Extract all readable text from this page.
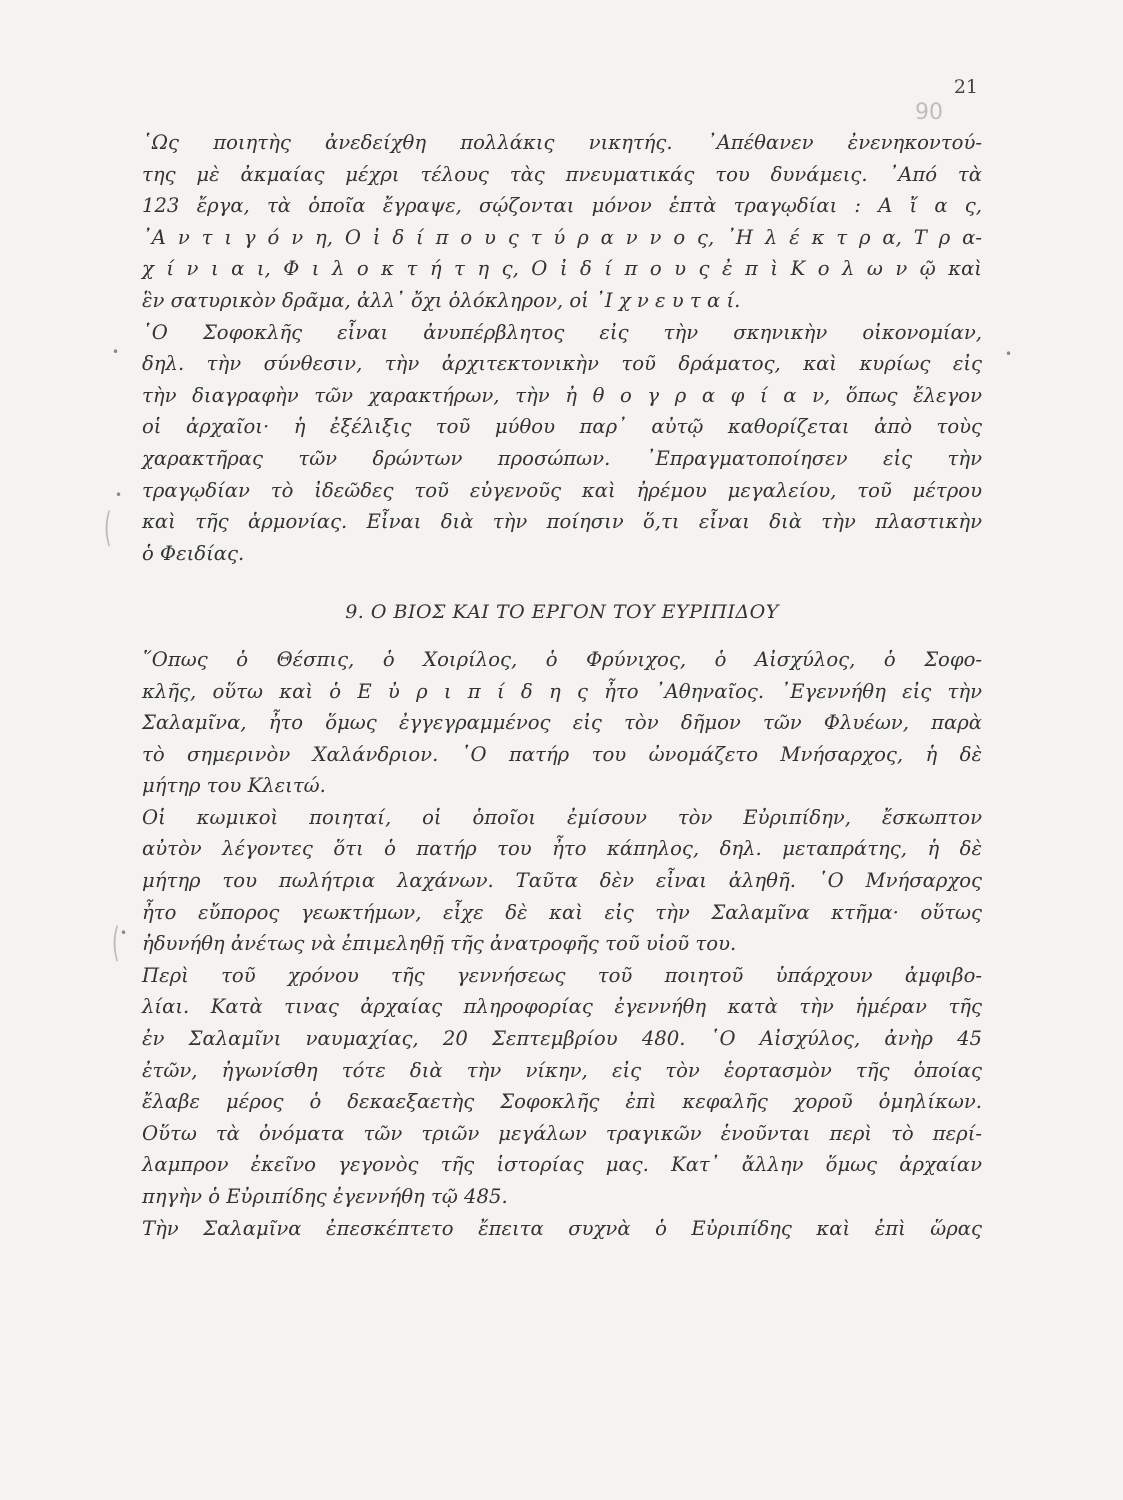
21
90
(
(
•	•
•
•
῾Ως ποιητὴς ἀνεδείχθη πολλάκις νικητής. ᾿Απέθανεν ἐνενηκοντού-
της μὲ ἀκμαίας μέχρι τέλους τὰς πνευματικάς του δυνάμεις. ᾿Από τὰ
123 ἔργα, τὰ ὁποῖα ἔγραψε, σῴζονται μόνον ἑπτὰ τραγῳδίαι : Α ἴ α ς,
᾿Α ν τ ι γ ό ν η, Ο ἰ δ ί π ο υ ς τ ύ ρ α ν ν ο ς, ᾿Η λ έ κ τ ρ α, Τ ρ α-
χ ί ν ι α ι, Φ ι λ ο κ τ ή τ η ς, Ο ἰ δ ί π ο υ ς ἐ π ὶ Κ ο λ ω ν ῷ καὶ
ἓν σατυρικὸν δρᾶμα, ἀλλ᾿ ὄχι ὁλόκληρον, οἱ ᾿Ι χ ν ε υ τ α ί.
῾Ο Σοφοκλῆς εἶναι ἀνυπέρβλητος εἰς τὴν σκηνικὴν οἰκονομίαν,
δηλ. τὴν σύνθεσιν, τὴν ἀρχιτεκτονικὴν τοῦ δράματος, καὶ κυρίως εἰς
τὴν διαγραφὴν τῶν χαρακτήρων, τὴν ἠ θ ο γ ρ α φ ί α ν, ὅπως ἔλεγον
οἱ ἀρχαῖοι· ἡ ἐξέλιξις τοῦ μύθου παρ᾿ αὐτῷ καθορίζεται ἀπὸ τοὺς
χαρακτῆρας τῶν δρώντων προσώπων. ᾿Επραγματοποίησεν εἰς τὴν
τραγῳδίαν τὸ ἰδεῶδες τοῦ εὐγενοῦς καὶ ἠρέμου μεγαλείου, τοῦ μέτρου
καὶ τῆς ἁρμονίας. Εἶναι διὰ τὴν ποίησιν ὅ,τι εἶναι διὰ τὴν πλαστικὴν
ὁ Φειδίας.
9. Ο ΒΙΟΣ ΚΑΙ ΤΟ ΕΡΓΟΝ ΤΟΥ ΕΥΡΙΠΙΔΟΥ
῞Οπως ὁ Θέσπις, ὁ Χοιρίλος, ὁ Φρύνιχος, ὁ Αἰσχύλος, ὁ Σοφο-
κλῆς, οὕτω καὶ ὁ Ε ὐ ρ ι π ί δ η ς ἦτο ᾿Αθηναῖος. ᾿Εγεννήθη εἰς τὴν
Σαλαμῖνα, ἦτο ὅμως ἐγγεγραμμένος εἰς τὸν δῆμον τῶν Φλυέων, παρὰ
τὸ σημερινὸν Χαλάνδριον. ῾Ο πατήρ του ὠνομάζετο Μνήσαρχος, ἡ δὲ
μήτηρ του Κλειτώ.
Οἱ κωμικοὶ ποιηταί, οἱ ὁποῖοι ἐμίσουν τὸν Εὐριπίδην, ἔσκωπτον
αὐτὸν λέγοντες ὅτι ὁ πατήρ του ἦτο κάπηλος, δηλ. μεταπράτης, ἡ δὲ
μήτηρ του πωλήτρια λαχάνων. Ταῦτα δὲν εἶναι ἀληθῆ. ῾Ο Μνήσαρχος
ἦτο εὔπορος γεωκτήμων, εἶχε δὲ καὶ εἰς τὴν Σαλαμῖνα κτῆμα· οὕτως
ἠδυνήθη ἀνέτως νὰ ἐπιμεληθῇ τῆς ἀνατροφῆς τοῦ υἱοῦ του.
Περὶ τοῦ χρόνου τῆς γεννήσεως τοῦ ποιητοῦ ὑπάρχουν ἀμφιβο-
λίαι. Κατὰ τινας ἀρχαίας πληροφορίας ἐγεννήθη κατὰ τὴν ἡμέραν τῆς
ἐν Σαλαμῖνι ναυμαχίας, 20 Σεπτεμβρίου 480. ῾Ο Αἰσχύλος, ἀνὴρ 45
ἐτῶν, ἠγωνίσθη τότε διὰ τὴν νίκην, εἰς τὸν ἑορτασμὸν τῆς ὁποίας
ἔλαβε μέρος ὁ δεκαεξαετὴς Σοφοκλῆς ἐπὶ κεφαλῆς χοροῦ ὁμηλίκων.
Οὕτω τὰ ὀνόματα τῶν τριῶν μεγάλων τραγικῶν ἑνοῦνται περὶ τὸ περί-
λαμπρον ἐκεῖνο γεγονὸς τῆς ἱστορίας μας. Κατ᾿ ἄλλην ὅμως ἀρχαίαν
πηγὴν ὁ Εὐριπίδης ἐγεννήθη τῷ 485.
Τὴν Σαλαμῖνα ἐπεσκέπτετο ἔπειτα συχνὰ ὁ Εὐριπίδης καὶ ἐπὶ ὥρας
